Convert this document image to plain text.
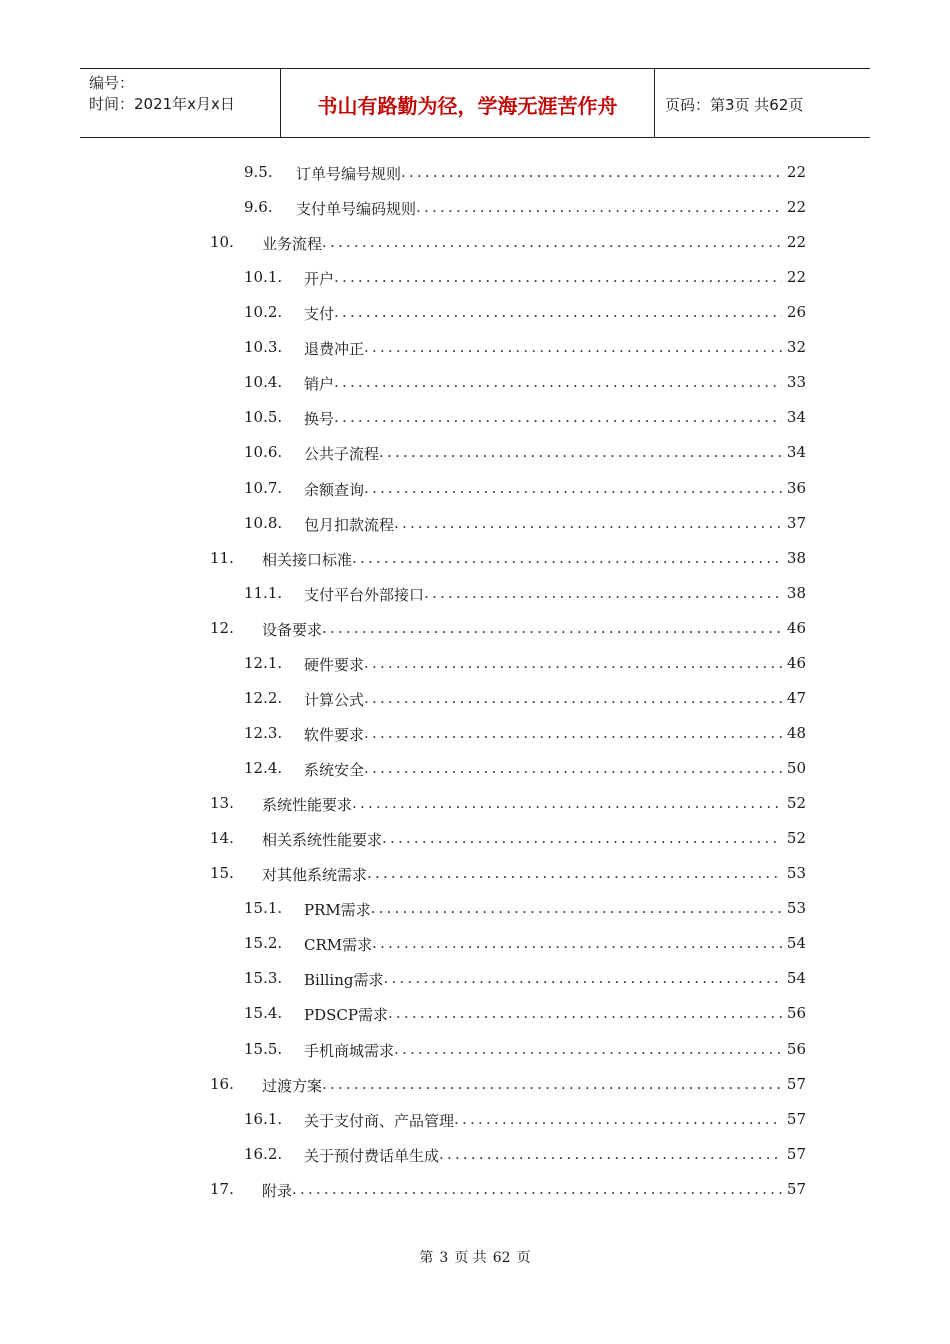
编号：
时间：2021年x月x日	书山有路勤为径，学海无涯苦作舟	页码：第3页 共62页
9.5. 订单号编号规则 .....	22
9.6. 支付单号编码规则 .....	22
10. 业务流程 .....	22
10.1. 开户 .....	22
10.2. 支付 .....	26
10.3. 退费冲正 .....	32
10.4. 销户 .....	33
10.5. 换号 .....	34
10.6. 公共子流程 .....	34
10.7. 余额查询 .....	36
10.8. 包月扣款流程 .....	37
11. 相关接口标准 .....	38
11.1. 支付平台外部接口 .....	38
12. 设备要求 .....	46
12.1. 硬件要求 .....	46
12.2. 计算公式 .....	47
12.3. 软件要求 .....	48
12.4. 系统安全 .....	50
13. 系统性能要求 .....	52
14. 相关系统性能要求 .....	52
15. 对其他系统需求 .....	53
15.1. PRM需求 .....	53
15.2. CRM需求 .....	54
15.3. Billing需求 .....	54
15.4. PDSCP需求 .....	56
15.5. 手机商城需求 .....	56
16. 过渡方案 .....	57
16.1. 关于支付商、产品管理 .....	57
16.2. 关于预付费话单生成 .....	57
17. 附录 .....	57
第 3 页 共 62 页
